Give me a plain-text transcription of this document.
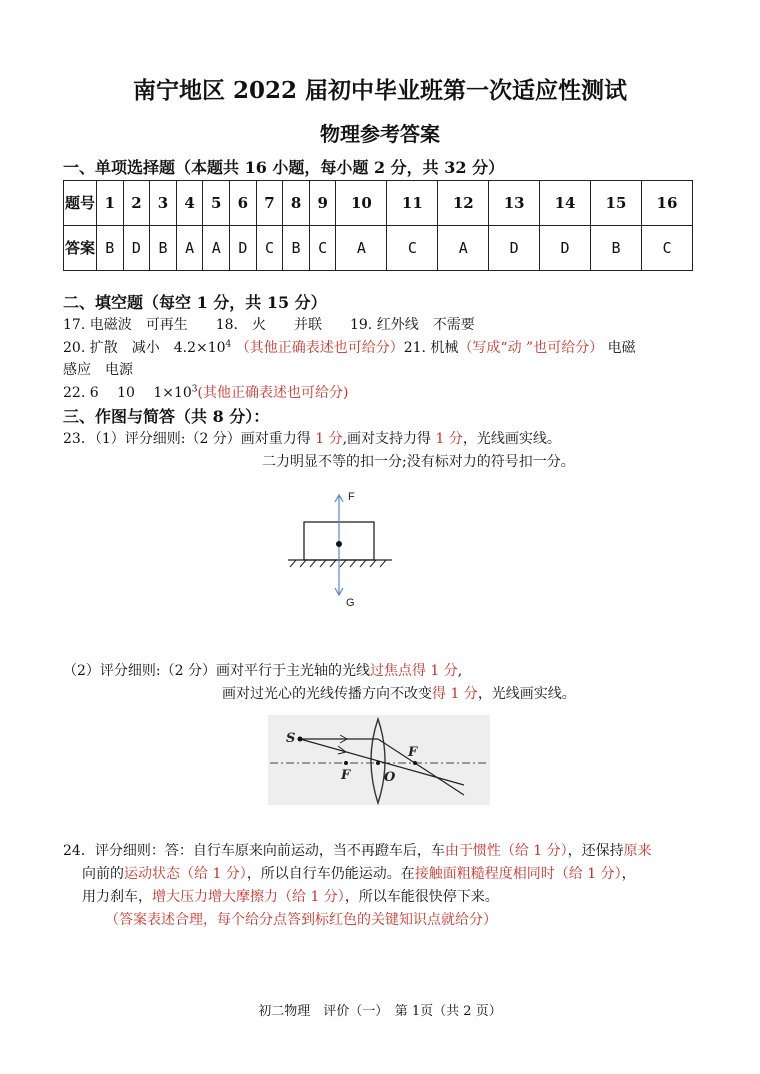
南宁地区 2022 届初中毕业班第一次适应性测试
物理参考答案
一、单项选择题（本题共 16 小题，每小题 2 分，共 32 分）
题号	1	2	3	4	5	6	7	8	9	10	11	12	13	14	15	16
答案	B	D	B	A	A	D	C	B	C	A	C	A	D	D	B	C
二、填空题（每空 1 分，共 15 分）
17. 电磁波　可再生　　18.　火　　并联　　19. 红外线　不需要
20. 扩散　减小　$4.2\times 10^4$ （其他正确表述也可给分）21. 机械（写成“动 ”也可给分） 电磁
感应　电源
22. 6　 10　 $1\times 10^3$(其他正确表述也可给分)
三、作图与简答（共 8 分）：
23．（1）评分细则:（2 分）画对重力得 1 分,画对支持力得 1 分，光线画实线。
二力明显不等的扣一分;没有标对力的符号扣一分。
F
G
（2）评分细则:（2 分）画对平行于主光轴的光线过焦点得 1 分,
画对过光心的光线传播方向不改变得 1 分，光线画实线。
S
F
F
O
24．评分细则：答：自行车原来向前运动，当不再蹬车后，车由于惯性（给 1 分），还保持原来
向前的运动状态（给 1 分），所以自行车仍能运动。在接触面粗糙程度相同时（给 1 分），
用力刹车，增大压力增大摩擦力（给 1 分），所以车能很快停下来。
（答案表述合理，每个给分点答到标红色的关键知识点就给分）
初二物理　评价（一）　第 1页（共 2 页）
